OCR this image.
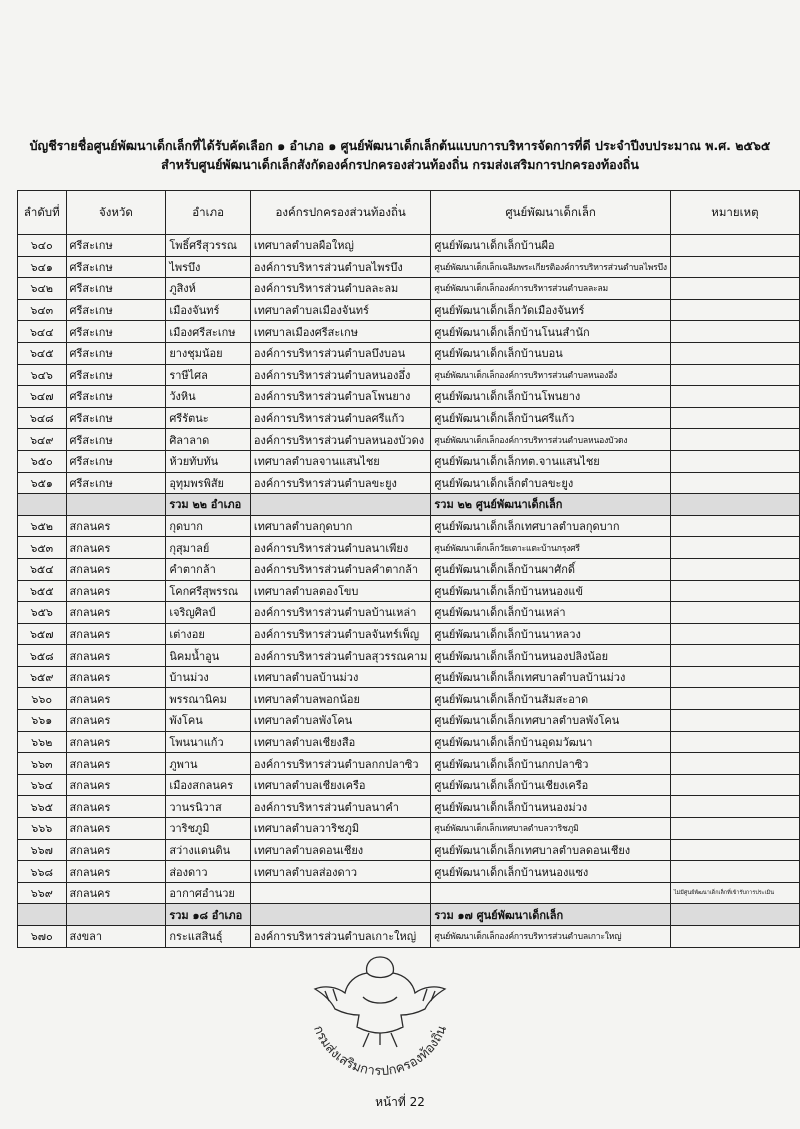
บัญชีรายชื่อศูนย์พัฒนาเด็กเล็กที่ได้รับคัดเลือก ๑ อำเภอ ๑ ศูนย์พัฒนาเด็กเล็กต้นแบบการบริหารจัดการที่ดี ประจำปีงบประมาณ พ.ศ. ๒๕๖๕
สำหรับศูนย์พัฒนาเด็กเล็กสังกัดองค์กรปกครองส่วนท้องถิ่น กรมส่งเสริมการปกครองท้องถิ่น
ลำดับที่	จังหวัด	อำเภอ	องค์กรปกครองส่วนท้องถิ่น	ศูนย์พัฒนาเด็กเล็ก	หมายเหตุ
๖๔๐	ศรีสะเกษ	โพธิ์ศรีสุวรรณ	เทศบาลตำบลผือใหญ่	ศูนย์พัฒนาเด็กเล็กบ้านผือ	
๖๔๑	ศรีสะเกษ	ไพรบึง	องค์การบริหารส่วนตำบลไพรบึง	ศูนย์พัฒนาเด็กเล็กเฉลิมพระเกียรติองค์การบริหารส่วนตำบลไพรบึง	
๖๔๒	ศรีสะเกษ	ภูสิงห์	องค์การบริหารส่วนตำบลละลม	ศูนย์พัฒนาเด็กเล็กองค์การบริหารส่วนตำบลละลม	
๖๔๓	ศรีสะเกษ	เมืองจันทร์	เทศบาลตำบลเมืองจันทร์	ศูนย์พัฒนาเด็กเล็กวัดเมืองจันทร์	
๖๔๔	ศรีสะเกษ	เมืองศรีสะเกษ	เทศบาลเมืองศรีสะเกษ	ศูนย์พัฒนาเด็กเล็กบ้านโนนสำนัก	
๖๔๕	ศรีสะเกษ	ยางชุมน้อย	องค์การบริหารส่วนตำบลบึงบอน	ศูนย์พัฒนาเด็กเล็กบ้านบอน	
๖๔๖	ศรีสะเกษ	ราษีไศล	องค์การบริหารส่วนตำบลหนองอึ่ง	ศูนย์พัฒนาเด็กเล็กองค์การบริหารส่วนตำบลหนองอึ่ง	
๖๔๗	ศรีสะเกษ	วังหิน	องค์การบริหารส่วนตำบลโพนยาง	ศูนย์พัฒนาเด็กเล็กบ้านโพนยาง	
๖๔๘	ศรีสะเกษ	ศรีรัตนะ	องค์การบริหารส่วนตำบลศรีแก้ว	ศูนย์พัฒนาเด็กเล็กบ้านศรีแก้ว	
๖๔๙	ศรีสะเกษ	ศิลาลาด	องค์การบริหารส่วนตำบลหนองบัวดง	ศูนย์พัฒนาเด็กเล็กองค์การบริหารส่วนตำบลหนองบัวดง	
๖๕๐	ศรีสะเกษ	ห้วยทับทัน	เทศบาลตำบลจานแสนไชย	ศูนย์พัฒนาเด็กเล็กทต.จานแสนไชย	
๖๕๑	ศรีสะเกษ	อุทุมพรพิสัย	องค์การบริหารส่วนตำบลขะยูง	ศูนย์พัฒนาเด็กเล็กตำบลขะยูง	
		รวม ๒๒ อำเภอ		รวม ๒๒ ศูนย์พัฒนาเด็กเล็ก	
๖๕๒	สกลนคร	กุดบาก	เทศบาลตำบลกุดบาก	ศูนย์พัฒนาเด็กเล็กเทศบาลตำบลกุดบาก	
๖๕๓	สกลนคร	กุสุมาลย์	องค์การบริหารส่วนตำบลนาเพียง	ศูนย์พัฒนาเด็กเล็กวัยเตาะแตะบ้านกรุงศรี	
๖๕๔	สกลนคร	คำตากล้า	องค์การบริหารส่วนตำบลคำตากล้า	ศูนย์พัฒนาเด็กเล็กบ้านผาศักดิ์	
๖๕๕	สกลนคร	โคกศรีสุพรรณ	เทศบาลตำบลตองโขบ	ศูนย์พัฒนาเด็กเล็กบ้านหนองแข้	
๖๕๖	สกลนคร	เจริญศิลป์	องค์การบริหารส่วนตำบลบ้านเหล่า	ศูนย์พัฒนาเด็กเล็กบ้านเหล่า	
๖๕๗	สกลนคร	เต่างอย	องค์การบริหารส่วนตำบลจันทร์เพ็ญ	ศูนย์พัฒนาเด็กเล็กบ้านนาหลวง	
๖๕๘	สกลนคร	นิคมน้ำอูน	องค์การบริหารส่วนตำบลสุวรรณคาม	ศูนย์พัฒนาเด็กเล็กบ้านหนองปลิงน้อย	
๖๕๙	สกลนคร	บ้านม่วง	เทศบาลตำบลบ้านม่วง	ศูนย์พัฒนาเด็กเล็กเทศบาลตำบลบ้านม่วง	
๖๖๐	สกลนคร	พรรณานิคม	เทศบาลตำบลพอกน้อย	ศูนย์พัฒนาเด็กเล็กบ้านส้มสะอาด	
๖๖๑	สกลนคร	พังโคน	เทศบาลตำบลพังโคน	ศูนย์พัฒนาเด็กเล็กเทศบาลตำบลพังโคน	
๖๖๒	สกลนคร	โพนนาแก้ว	เทศบาลตำบลเชียงสือ	ศูนย์พัฒนาเด็กเล็กบ้านอุดมวัฒนา	
๖๖๓	สกลนคร	ภูพาน	องค์การบริหารส่วนตำบลกกปลาซิว	ศูนย์พัฒนาเด็กเล็กบ้านกกปลาซิว	
๖๖๔	สกลนคร	เมืองสกลนคร	เทศบาลตำบลเชียงเครือ	ศูนย์พัฒนาเด็กเล็กบ้านเชียงเครือ	
๖๖๕	สกลนคร	วานรนิวาส	องค์การบริหารส่วนตำบลนาคำ	ศูนย์พัฒนาเด็กเล็กบ้านหนองม่วง	
๖๖๖	สกลนคร	วาริชภูมิ	เทศบาลตำบลวาริชภูมิ	ศูนย์พัฒนาเด็กเล็กเทศบาลตำบลวาริชภูมิ	
๖๖๗	สกลนคร	สว่างแดนดิน	เทศบาลตำบลดอนเชียง	ศูนย์พัฒนาเด็กเล็กเทศบาลตำบลดอนเชียง	
๖๖๘	สกลนคร	ส่องดาว	เทศบาลตำบลส่องดาว	ศูนย์พัฒนาเด็กเล็กบ้านหนองแซง	
๖๖๙	สกลนคร	อากาศอำนวย			ไม่มีศูนย์พัฒนาเด็กเล็กที่เข้ารับการประเมิน
		รวม ๑๘ อำเภอ		รวม ๑๗ ศูนย์พัฒนาเด็กเล็ก	
๖๗๐	สงขลา	กระแสสินธุ์	องค์การบริหารส่วนตำบลเกาะใหญ่	ศูนย์พัฒนาเด็กเล็กองค์การบริหารส่วนตำบลเกาะใหญ่	
กรมส่งเสริมการปกครองท้องถิ่น
หน้าที่ 22
